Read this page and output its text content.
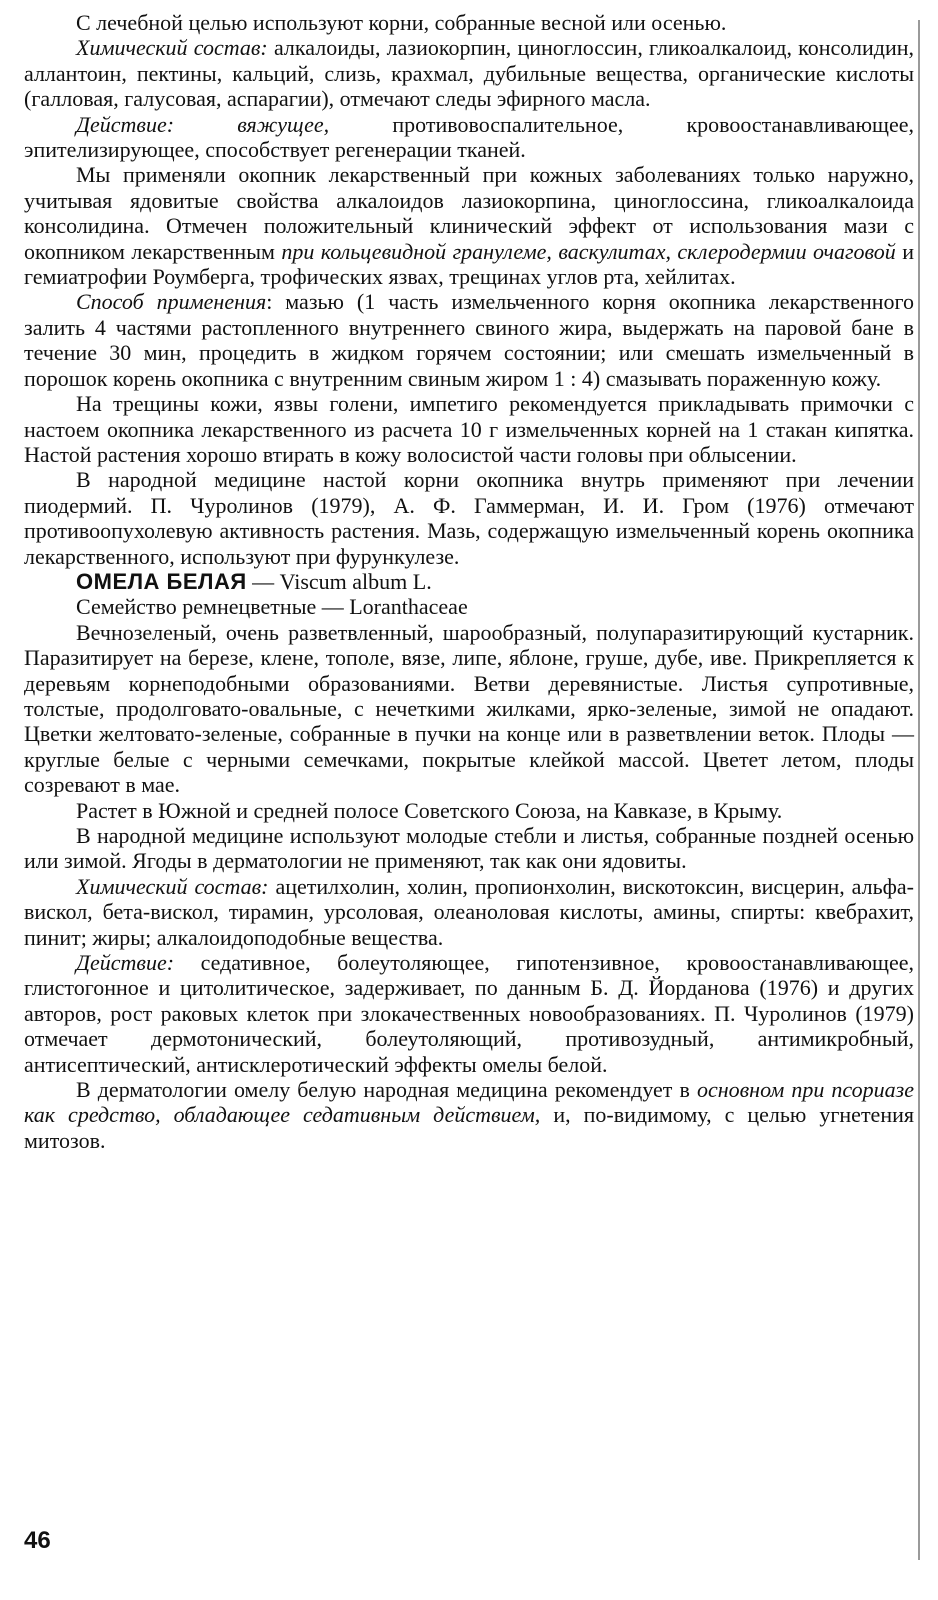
С лечебной целью используют корни, собранные весной или осенью.

Химический состав: алкалоиды, лазиокорпин, циноглоссин, гликоалкалоид, консолидин, аллантоин, пектины, кальций, слизь, крахмал, дубильные вещества, органические кислоты (галловая, галусовая, аспарагии), отмечают следы эфирного масла.

Действие: вяжущее, противовоспалительное, кровоостанавливающее, эпителизирующее, способствует регенерации тканей.

Мы применяли окопник лекарственный при кожных заболеваниях только наружно, учитывая ядовитые свойства алкалоидов лазиокорпина, циноглоссина, гликоалкалоида консолидина. Отмечен положительный клинический эффект от использования мази с окопником лекарственным при кольцевидной гранулеме, васкулитах, склеродермии очаговой и гемиатрофии Роумберга, трофических язвах, трещинах углов рта, хейлитах.

Способ применения: мазью (1 часть измельченного корня окопника лекарственного залить 4 частями растопленного внутреннего свиного жира, выдержать на паровой бане в течение 30 мин, процедить в жидком горячем состоянии; или смешать измельченный в порошок корень окопника с внутренним свиным жиром 1 : 4) смазывать пораженную кожу.

На трещины кожи, язвы голени, импетиго рекомендуется прикладывать примочки с настоем окопника лекарственного из расчета 10 г измельченных корней на 1 стакан кипятка. Настой растения хорошо втирать в кожу волосистой части головы при облысении.

В народной медицине настой корни окопника внутрь применяют при лечении пиодермий. П. Чуролинов (1979), А. Ф. Гаммерман, И. И. Гром (1976) отмечают противоопухолевую активность растения. Мазь, содержащую измельченный корень окопника лекарственного, используют при фурункулезе.

ОМЕЛА БЕЛАЯ — Viscum album L.

Семейство ремнецветные — Loranthaceae

Вечнозеленый, очень разветвленный, шарообразный, полупаразитирующий кустарник. Паразитирует на березе, клене, тополе, вязе, липе, яблоне, груше, дубе, иве. Прикрепляется к деревьям корнеподобными образованиями. Ветви деревянистые. Листья супротивные, толстые, продолговато-овальные, с нечеткими жилками, ярко-зеленые, зимой не опадают. Цветки желтовато-зеленые, собранные в пучки на конце или в разветвлении веток. Плоды — круглые белые с черными семечками, покрытые клейкой массой. Цветет летом, плоды созревают в мае.

Растет в Южной и средней полосе Советского Союза, на Кавказе, в Крыму.

В народной медицине используют молодые стебли и листья, собранные поздней осенью или зимой. Ягоды в дерматологии не применяют, так как они ядовиты.

Химический состав: ацетилхолин, холин, пропионхолин, вискотоксин, висцерин, альфа-вискол, бета-вискол, тирамин, урсоловая, олеаноловая кислоты, амины, спирты: квебрахит, пинит; жиры; алкалоидоподобные вещества.

Действие: седативное, болеутоляющее, гипотензивное, кровоостанавливающее, глистогонное и цитолитическое, задерживает, по данным Б. Д. Йорданова (1976) и других авторов, рост раковых клеток при злокачественных новообразованиях. П. Чуролинов (1979) отмечает дермотонический, болеутоляющий, противозудный, антимикробный, антисептический, антисклеротический эффекты омелы белой.

В дерматологии омелу белую народная медицина рекомендует в основном при псориазе как средство, обладающее седативным действием, и, по-видимому, с целью угнетения митозов.

46
